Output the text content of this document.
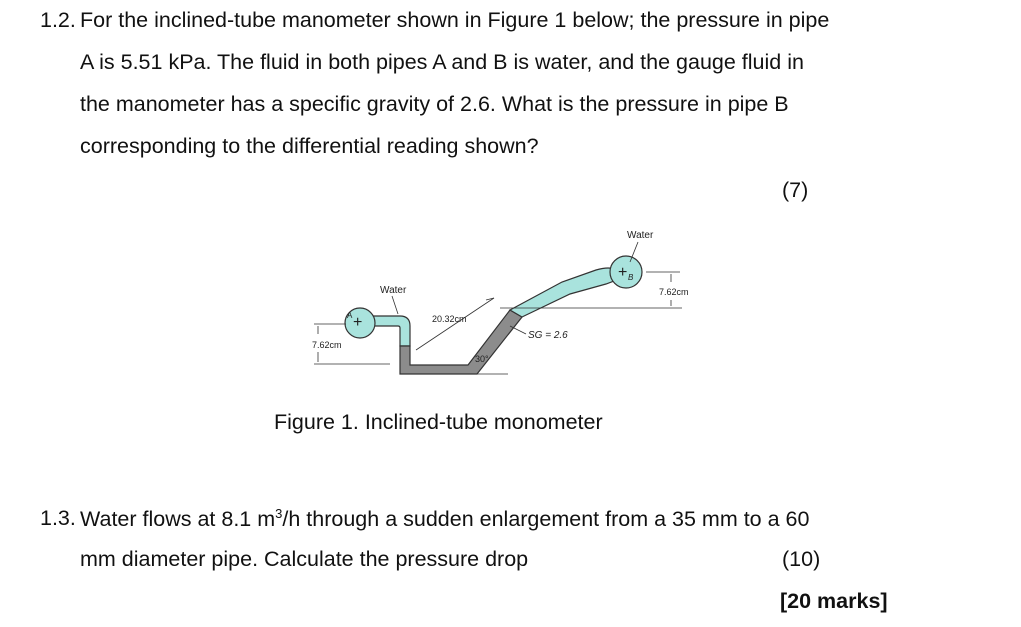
1.2. For the inclined-tube manometer shown in Figure 1 below; the pressure in pipe
A is 5.51 kPa. The fluid in both pipes A and B is water, and the gauge fluid in
the manometer has a specific gravity of 2.6. What is the pressure in pipe B
corresponding to the differential reading shown?
(7)
+
A
+ B
Water
Water
7.62cm
7.62cm
20.32cm
SG = 2.6
30°
Figure 1. Inclined-tube monometer
1.3. Water flows at 8.1 $m^3/h$ through a sudden enlargement from a 35 mm to a 60
mm diameter pipe. Calculate the pressure drop	(10)
[20 marks]
